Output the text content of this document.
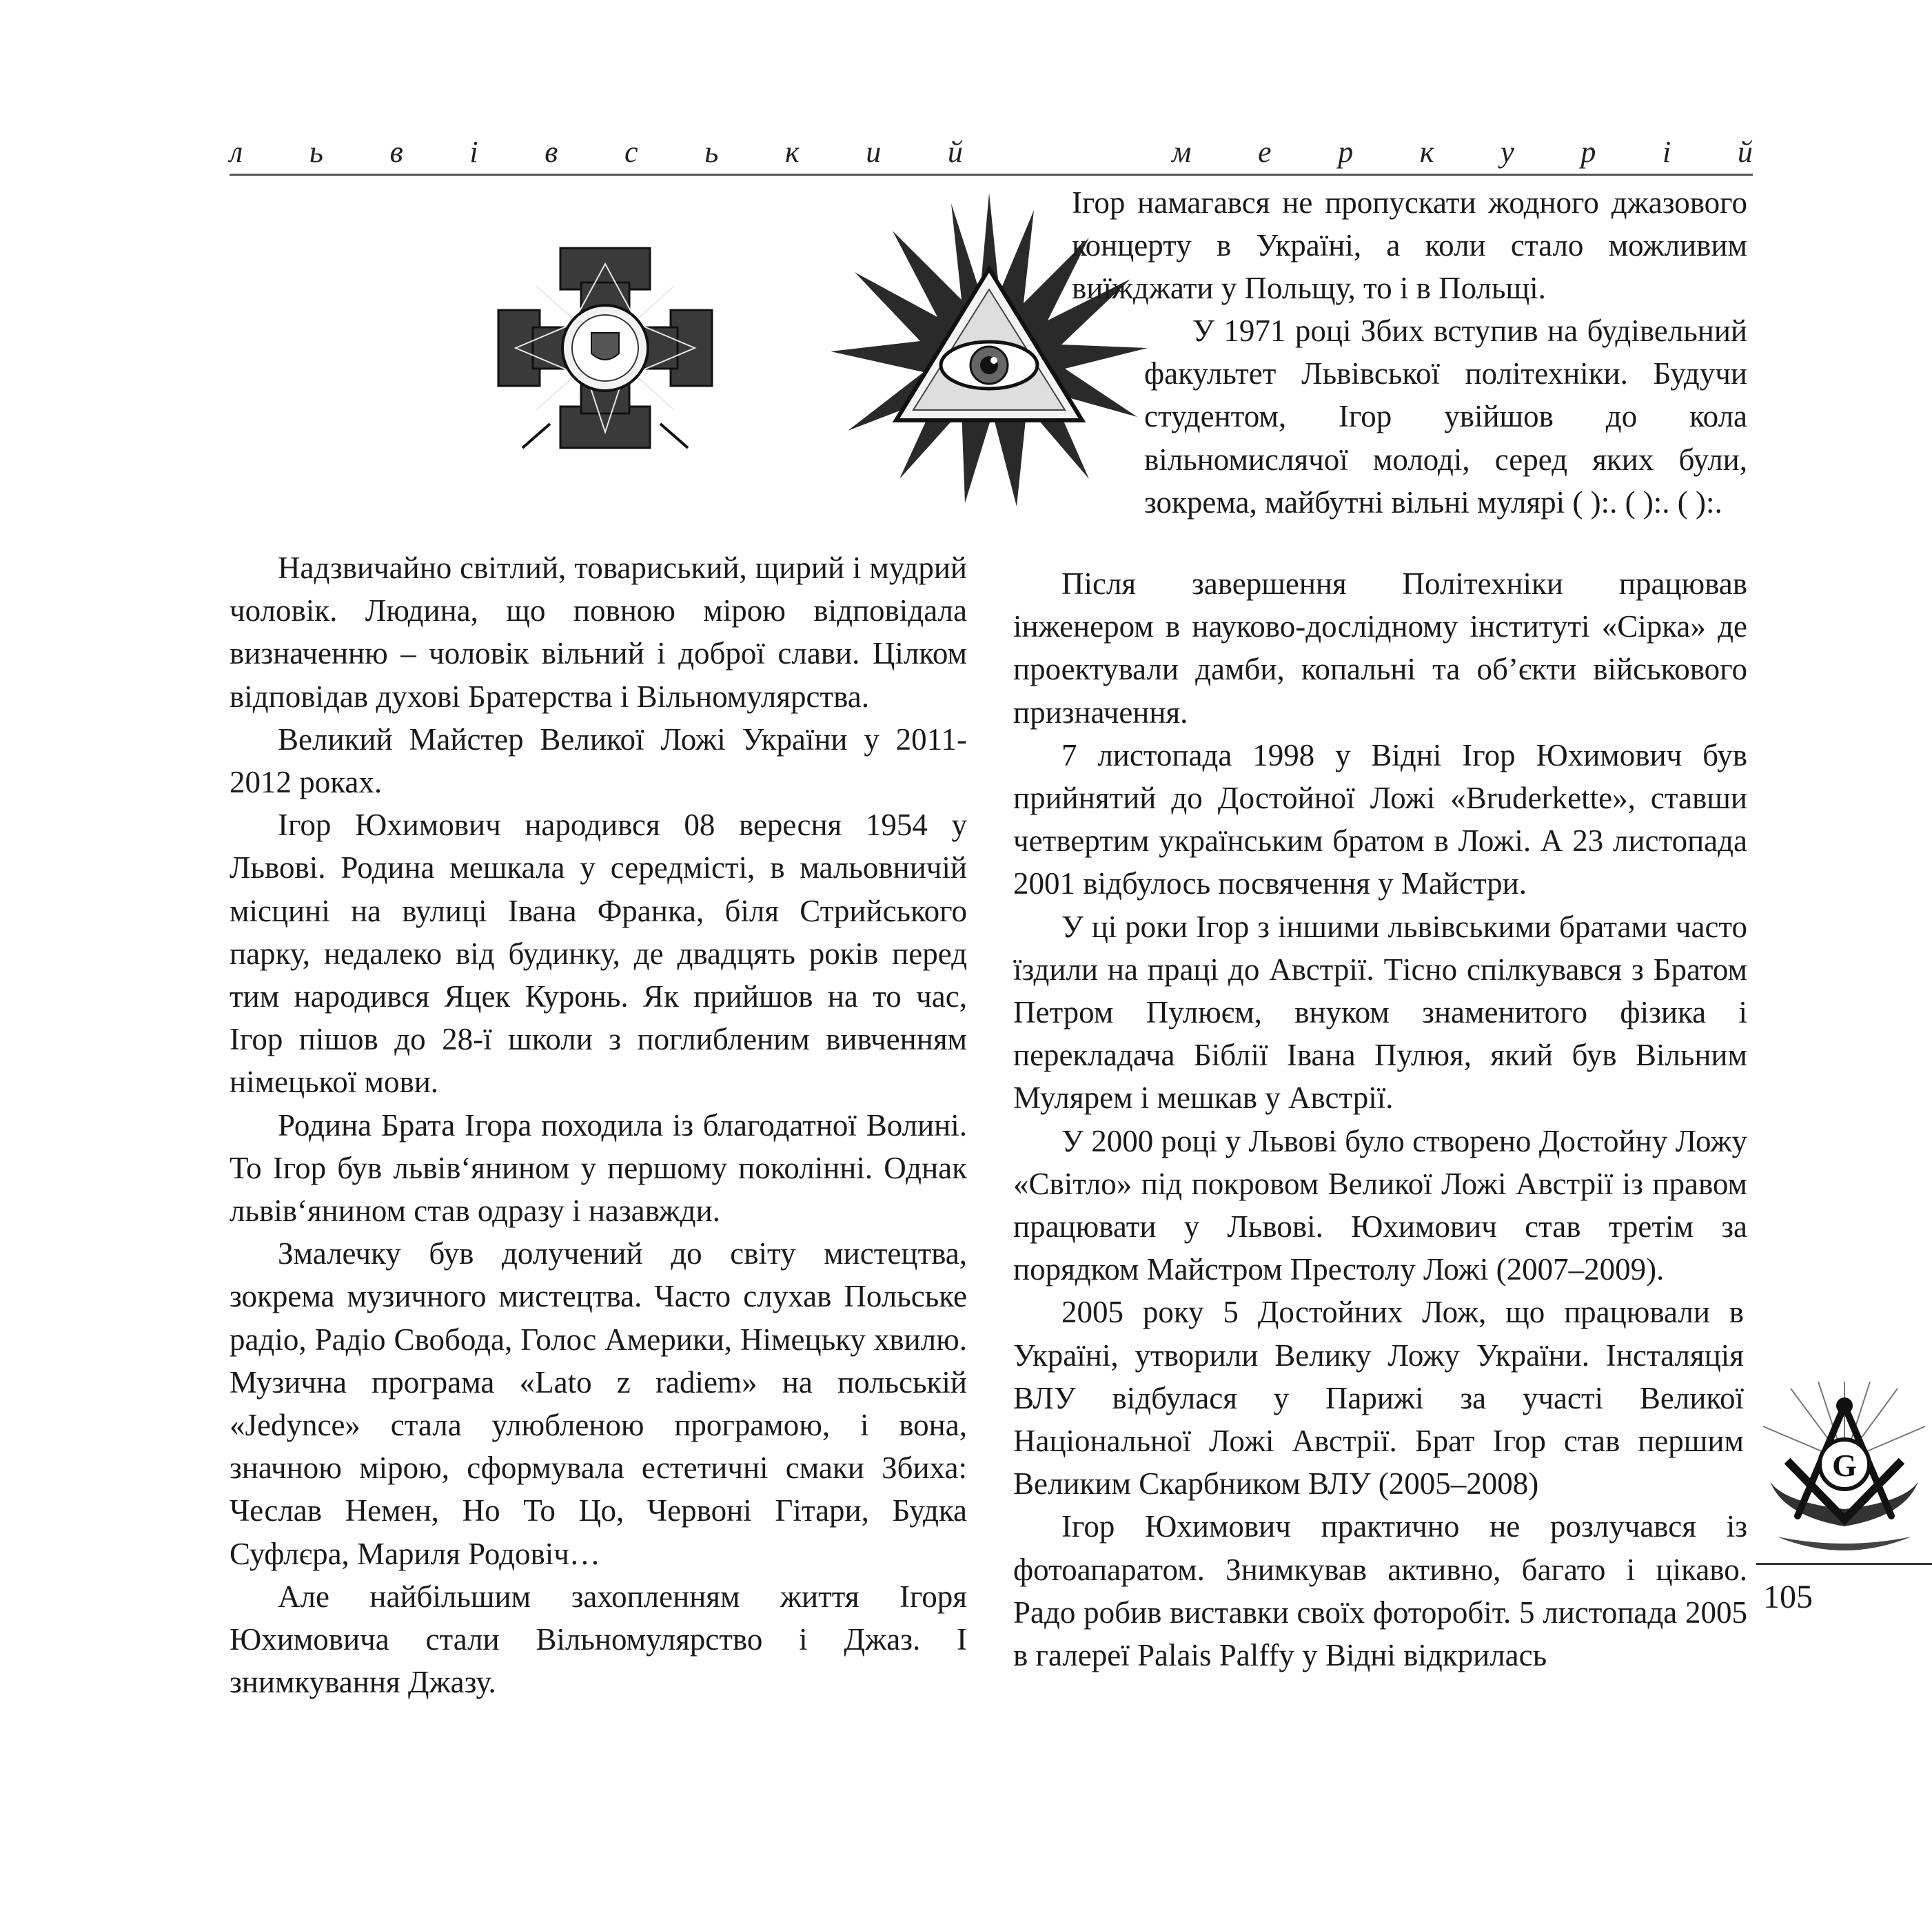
л ь в і в с ь к и й	м е р к у р і й
G

Ігор намагався не пропускати жодного джазового концерту в Україні, а коли стало можливим виїжджати у Польщу, то і в Польщі.

У 1971 році Збих вступив на будівельний факультет Львівської політехніки. Будучи студентом, Ігор увійшов до кола вільномислячої молоді, серед яких були, зокрема, майбутні вільні мулярі ( ):. ( ):. ( ):.

Надзвичайно світлий, товариський, щирий і мудрий чоловік. Людина, що повною мірою відповідала визначенню – чоловік вільний і доброї слави. Цілком відповідав духові Братерства і Вільномулярства.

Великий Майстер Великої Ложі України у 2011-2012 роках.

Ігор Юхимович народився 08 вересня 1954 у Львові. Родина мешкала у середмісті, в мальовничій місцині на вулиці Івана Франка, біля Стрийського парку, недалеко від будинку, де двадцять років перед тим народився Яцек Куронь. Як прийшов на то час, Ігор пішов до 28-ї школи з поглибленим вивченням німецької мови.

Родина Брата Ігора походила із благодатної Волині. То Ігор був львів‘янином у першому поколінні. Однак львів‘янином став одразу і назавжди.

Змалечку був долучений до світу мистецтва, зокрема музичного мистецтва. Часто слухав Польське радіо, Радіо Свобода, Голос Америки, Німецьку хвилю. Музична програма «Lato z radiem» на польській «Jedynce» стала улюбленою програмою, і вона, значною мірою, сформувала естетичні смаки Збиха: Чеслав Немен, Но То Цо, Червоні Гітари, Будка Суфлєра, Мариля Родовіч…

Але найбільшим захопленням життя Ігоря Юхимовича стали Вільномулярство і Джаз. І знимкування Джазу.

Після завершення Політехніки працював інженером в науково-дослідному інституті «Сірка» де проектували дамби, копальні та об’єкти військового призначення.

7 листопада 1998 у Відні Ігор Юхимович був прийнятий до Достойної Ложі «Bruderkette», ставши четвертим українським братом в Ложі. А 23 листопада 2001 відбулось посвячення у Майстри.

У ці роки Ігор з іншими львівськими братами часто їздили на праці до Австрії. Тісно спілкувався з Братом Петром Пулюєм, внуком знаменитого фізика і перекладача Біблії Івана Пулюя, який був Вільним Мулярем і мешкав у Австрії.

У 2000 році у Львові було створено Достойну Ложу «Світло» під покровом Великої Ложі Австрії із правом працювати у Львові. Юхимович став третім за порядком Майстром Престолу Ложі (2007–2009).

2005 року 5 Достойних Лож, що працювали в Україні, утворили Велику Ложу України. Інсталяція ВЛУ відбулася у Парижі за участі Великої Національної Ложі Австрії. Брат Ігор став першим Великим Скарбником ВЛУ (2005–2008)

Ігор Юхимович практично не розлучався із фотоапаратом. Знимкував активно, багато і цікаво. Радо робив виставки своїх фоторобіт. 5 листопада 2005 в галереї Palais Palffy у Відні відкрилась

105
